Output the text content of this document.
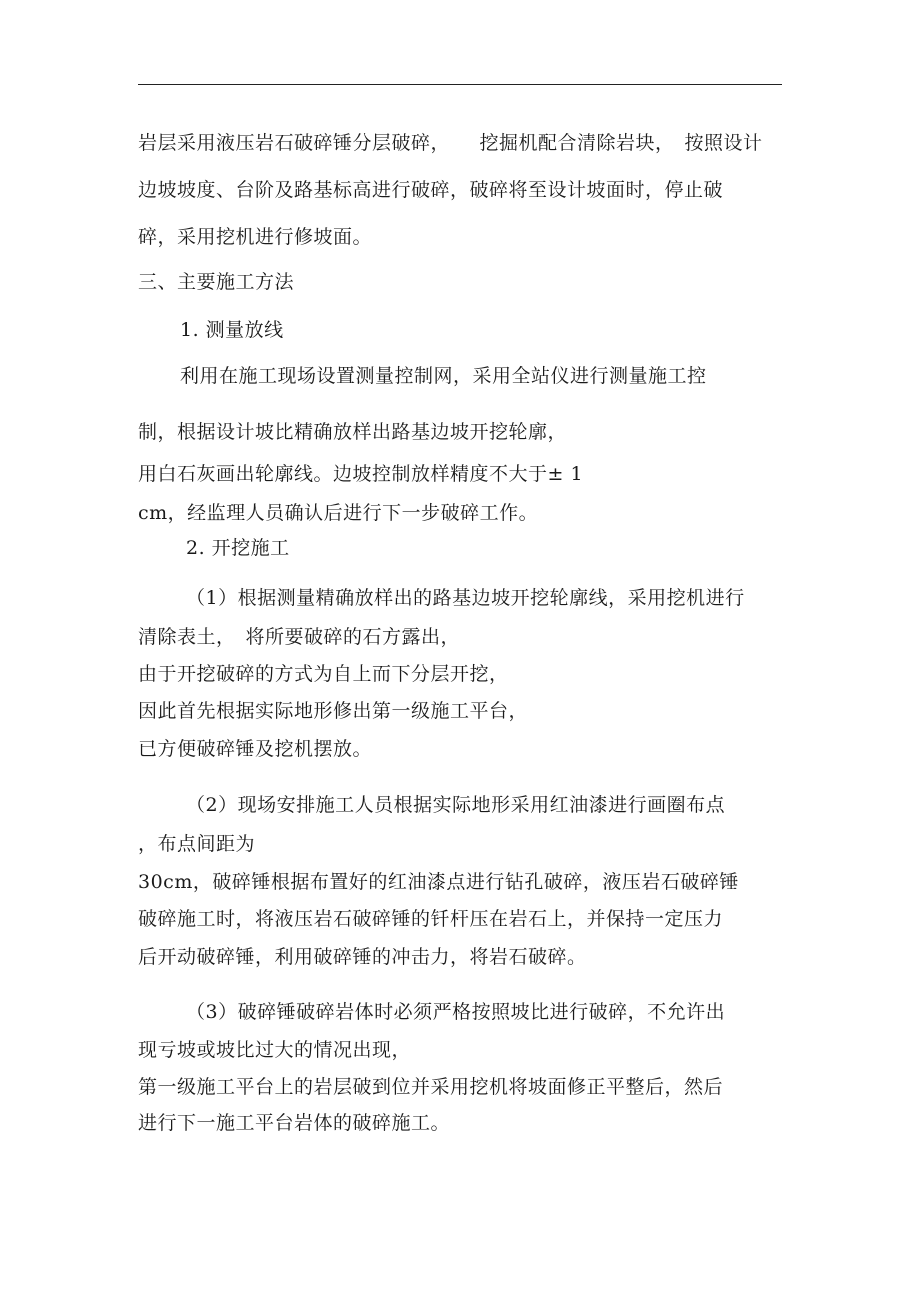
岩层采用液压岩石破碎锤分层破碎，　　挖掘机配合清除岩块，　按照设计
边坡坡度、台阶及路基标高进行破碎，破碎将至设计坡面时，停止破
碎，采用挖机进行修坡面。
三、主要施工方法
1. 测量放线
利用在施工现场设置测量控制网，采用全站仪进行测量施工控
制，根据设计坡比精确放样出路基边坡开挖轮廓，
用白石灰画出轮廓线。边坡控制放样精度不大于± 1
cm，经监理人员确认后进行下一步破碎工作。
2. 开挖施工
（1）根据测量精确放样出的路基边坡开挖轮廓线，采用挖机进行
清除表土，　将所要破碎的石方露出，
由于开挖破碎的方式为自上而下分层开挖，
因此首先根据实际地形修出第一级施工平台，
已方便破碎锤及挖机摆放。
（2）现场安排施工人员根据实际地形采用红油漆进行画圈布点
，布点间距为
30cm，破碎锤根据布置好的红油漆点进行钻孔破碎，液压岩石破碎锤
破碎施工时，将液压岩石破碎锤的钎杆压在岩石上，并保持一定压力
后开动破碎锤，利用破碎锤的冲击力，将岩石破碎。
（3）破碎锤破碎岩体时必须严格按照坡比进行破碎，不允许出
现亏坡或坡比过大的情况出现，
第一级施工平台上的岩层破到位并采用挖机将坡面修正平整后，然后
进行下一施工平台岩体的破碎施工。
